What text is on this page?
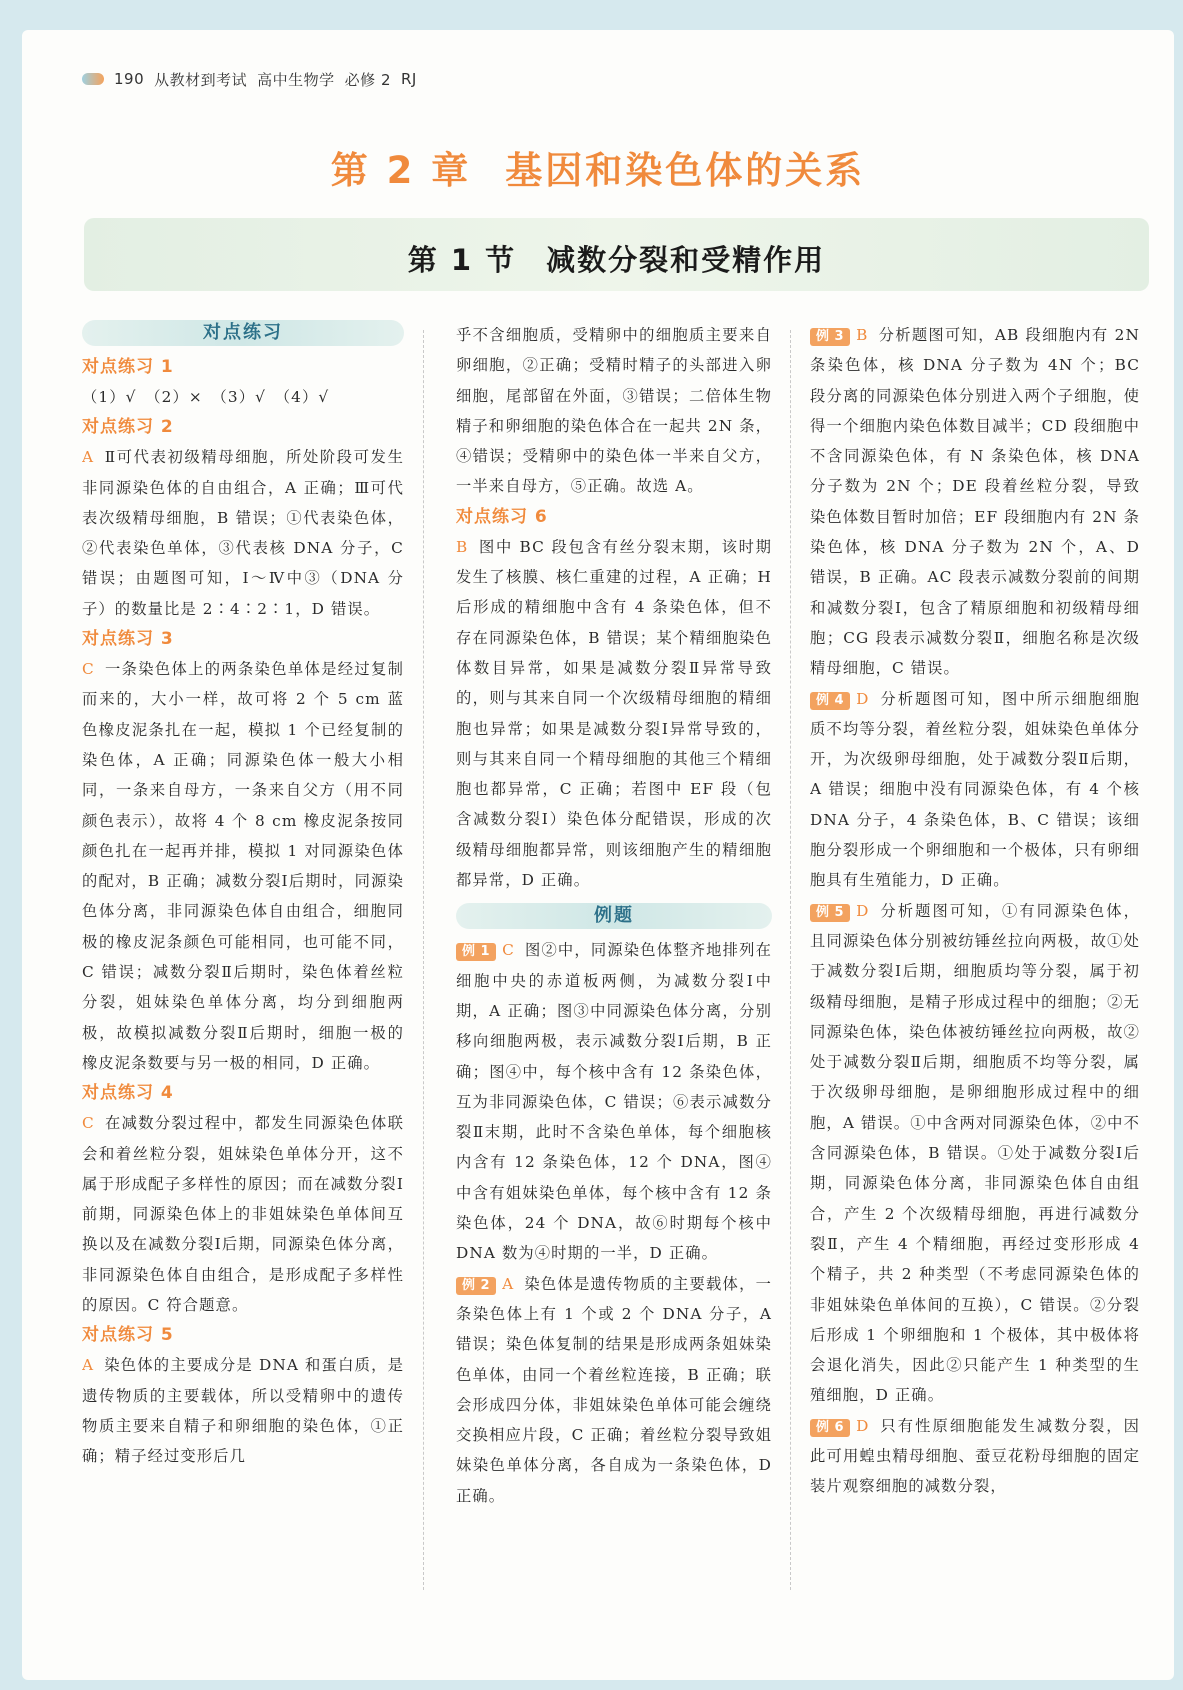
190 从教材到考试 高中生物学 必修 2 RJ
第 2 章 基因和染色体的关系
第 1 节 减数分裂和受精作用
对点练习
对点练习 1

（1）√　（2）×　（3）√　（4）√

对点练习 2

A Ⅱ可代表初级精母细胞，所处阶段可发生非同源染色体的自由组合，A 正确；Ⅲ可代表次级精母细胞，B 错误；①代表染色体，②代表染色单体，③代表核 DNA 分子，C 错误；由题图可知，Ⅰ～Ⅳ中③（DNA 分子）的数量比是 2∶4∶2∶1，D 错误。

对点练习 3

C 一条染色体上的两条染色单体是经过复制而来的，大小一样，故可将 2 个 5 cm 蓝色橡皮泥条扎在一起，模拟 1 个已经复制的染色体，A 正确；同源染色体一般大小相同，一条来自母方，一条来自父方（用不同颜色表示），故将 4 个 8 cm 橡皮泥条按同颜色扎在一起再并排，模拟 1 对同源染色体的配对，B 正确；减数分裂Ⅰ后期时，同源染色体分离，非同源染色体自由组合，细胞同极的橡皮泥条颜色可能相同，也可能不同，C 错误；减数分裂Ⅱ后期时，染色体着丝粒分裂，姐妹染色单体分离，均分到细胞两极，故模拟减数分裂Ⅱ后期时，细胞一极的橡皮泥条数要与另一极的相同，D 正确。

对点练习 4

C 在减数分裂过程中，都发生同源染色体联会和着丝粒分裂，姐妹染色单体分开，这不属于形成配子多样性的原因；而在减数分裂Ⅰ前期，同源染色体上的非姐妹染色单体间互换以及在减数分裂Ⅰ后期，同源染色体分离，非同源染色体自由组合，是形成配子多样性的原因。C 符合题意。

对点练习 5

A 染色体的主要成分是 DNA 和蛋白质，是遗传物质的主要载体，所以受精卵中的遗传物质主要来自精子和卵细胞的染色体，①正确；精子经过变形后几

乎不含细胞质，受精卵中的细胞质主要来自卵细胞，②正确；受精时精子的头部进入卵细胞，尾部留在外面，③错误；二倍体生物精子和卵细胞的染色体合在一起共 2N 条，④错误；受精卵中的染色体一半来自父方，一半来自母方，⑤正确。故选 A。

对点练习 6

B 图中 BC 段包含有丝分裂末期，该时期发生了核膜、核仁重建的过程，A 正确；H 后形成的精细胞中含有 4 条染色体，但不存在同源染色体，B 错误；某个精细胞染色体数目异常，如果是减数分裂Ⅱ异常导致的，则与其来自同一个次级精母细胞的精细胞也异常；如果是减数分裂Ⅰ异常导致的，则与其来自同一个精母细胞的其他三个精细胞也都异常，C 正确；若图中 EF 段（包含减数分裂Ⅰ）染色体分配错误，形成的次级精母细胞都异常，则该细胞产生的精细胞都异常，D 正确。

例题

例 1 C 图②中，同源染色体整齐地排列在细胞中央的赤道板两侧，为减数分裂Ⅰ中期，A 正确；图③中同源染色体分离，分别移向细胞两极，表示减数分裂Ⅰ后期，B 正确；图④中，每个核中含有 12 条染色体，互为非同源染色体，C 错误；⑥表示减数分裂Ⅱ末期，此时不含染色单体，每个细胞核内含有 12 条染色体，12 个 DNA，图④中含有姐妹染色单体，每个核中含有 12 条染色体，24 个 DNA，故⑥时期每个核中 DNA 数为④时期的一半，D 正确。

例 2 A 染色体是遗传物质的主要载体，一条染色体上有 1 个或 2 个 DNA 分子，A 错误；染色体复制的结果是形成两条姐妹染色单体，由同一个着丝粒连接，B 正确；联会形成四分体，非姐妹染色单体可能会缠绕交换相应片段，C 正确；着丝粒分裂导致姐妹染色单体分离，各自成为一条染色体，D 正确。

例 3 B 分析题图可知，AB 段细胞内有 2N 条染色体，核 DNA 分子数为 4N 个；BC 段分离的同源染色体分别进入两个子细胞，使得一个细胞内染色体数目减半；CD 段细胞中不含同源染色体，有 N 条染色体，核 DNA 分子数为 2N 个；DE 段着丝粒分裂，导致染色体数目暂时加倍；EF 段细胞内有 2N 条染色体，核 DNA 分子数为 2N 个，A、D 错误，B 正确。AC 段表示减数分裂前的间期和减数分裂Ⅰ，包含了精原细胞和初级精母细胞；CG 段表示减数分裂Ⅱ，细胞名称是次级精母细胞，C 错误。

例 4 D 分析题图可知，图中所示细胞细胞质不均等分裂，着丝粒分裂，姐妹染色单体分开，为次级卵母细胞，处于减数分裂Ⅱ后期，A 错误；细胞中没有同源染色体，有 4 个核 DNA 分子，4 条染色体，B、C 错误；该细胞分裂形成一个卵细胞和一个极体，只有卵细胞具有生殖能力，D 正确。

例 5 D 分析题图可知，①有同源染色体，且同源染色体分别被纺锤丝拉向两极，故①处于减数分裂Ⅰ后期，细胞质均等分裂，属于初级精母细胞，是精子形成过程中的细胞；②无同源染色体，染色体被纺锤丝拉向两极，故②处于减数分裂Ⅱ后期，细胞质不均等分裂，属于次级卵母细胞，是卵细胞形成过程中的细胞，A 错误。①中含两对同源染色体，②中不含同源染色体，B 错误。①处于减数分裂Ⅰ后期，同源染色体分离，非同源染色体自由组合，产生 2 个次级精母细胞，再进行减数分裂Ⅱ，产生 4 个精细胞，再经过变形形成 4 个精子，共 2 种类型（不考虑同源染色体的非姐妹染色单体间的互换），C 错误。②分裂后形成 1 个卵细胞和 1 个极体，其中极体将会退化消失，因此②只能产生 1 种类型的生殖细胞，D 正确。

例 6 D 只有性原细胞能发生减数分裂，因此可用蝗虫精母细胞、蚕豆花粉母细胞的固定装片观察细胞的减数分裂，
